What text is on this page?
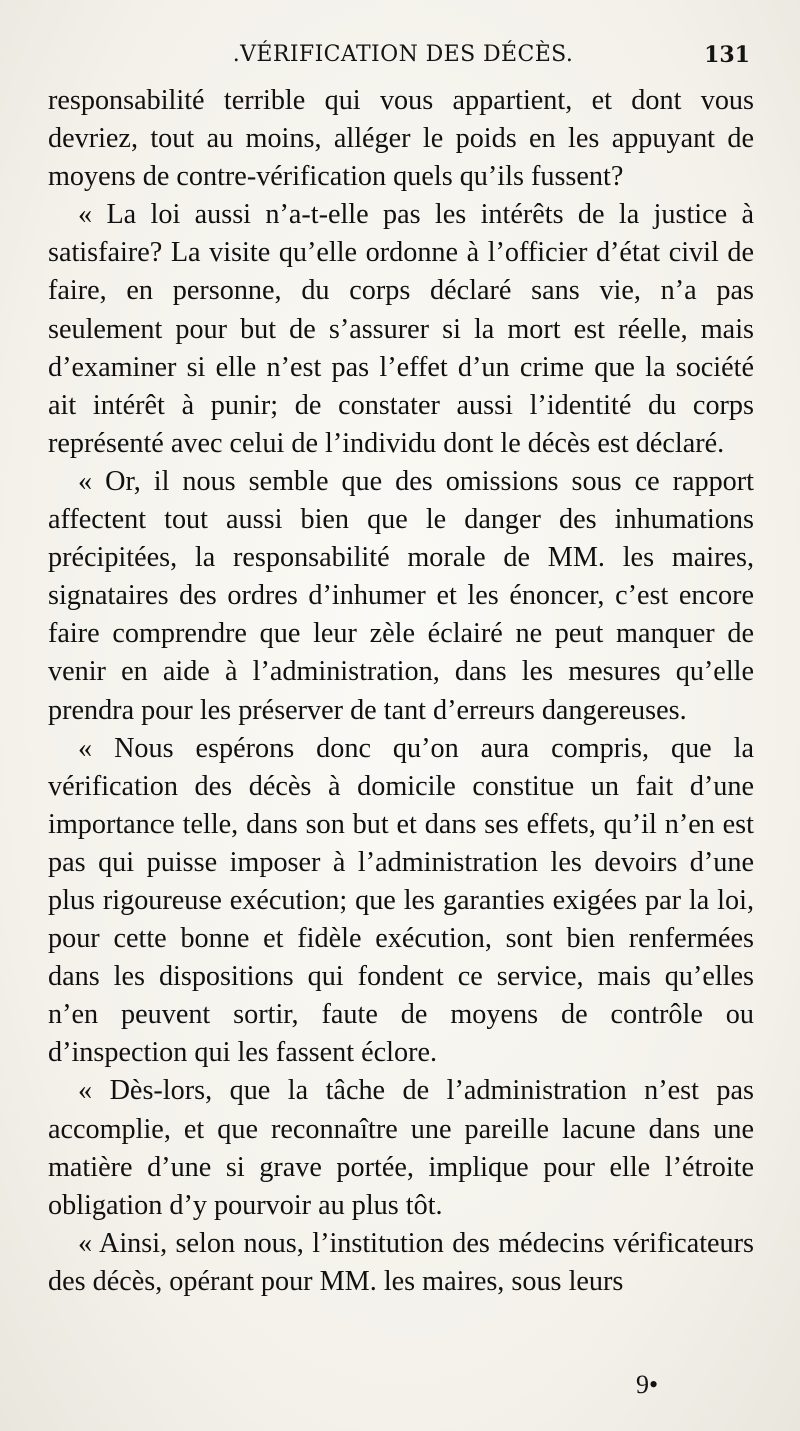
.VÉRIFICATION DES DÉCÈS.	131

responsabilité terrible qui vous appartient, et dont vous devriez, tout au moins, alléger le poids en les appuyant de moyens de contre-vérification quels qu’ils fussent?

« La loi aussi n’a-t-elle pas les intérêts de la justice à satisfaire? La visite qu’elle ordonne à l’officier d’état civil de faire, en personne, du corps déclaré sans vie, n’a pas seulement pour but de s’assurer si la mort est réelle, mais d’examiner si elle n’est pas l’effet d’un crime que la société ait intérêt à punir; de constater aussi l’identité du corps représenté avec celui de l’individu dont le décès est déclaré.

« Or, il nous semble que des omissions sous ce rapport affectent tout aussi bien que le danger des inhumations précipitées, la responsabilité morale de MM. les maires, signataires des ordres d’inhumer et les énoncer, c’est encore faire comprendre que leur zèle éclairé ne peut manquer de venir en aide à l’administration, dans les mesures qu’elle prendra pour les préserver de tant d’erreurs dangereuses.

« Nous espérons donc qu’on aura compris, que la vérification des décès à domicile constitue un fait d’une importance telle, dans son but et dans ses effets, qu’il n’en est pas qui puisse imposer à l’administration les devoirs d’une plus rigoureuse exécution; que les garanties exigées par la loi, pour cette bonne et fidèle exécution, sont bien renfermées dans les dispositions qui fondent ce service, mais qu’elles n’en peuvent sortir, faute de moyens de contrôle ou d’inspection qui les fassent éclore.

« Dès-lors, que la tâche de l’administration n’est pas accomplie, et que reconnaître une pareille lacune dans une matière d’une si grave portée, implique pour elle l’étroite obligation d’y pourvoir au plus tôt.

« Ainsi, selon nous, l’institution des médecins vérificateurs des décès, opérant pour MM. les maires, sous leurs

9•
